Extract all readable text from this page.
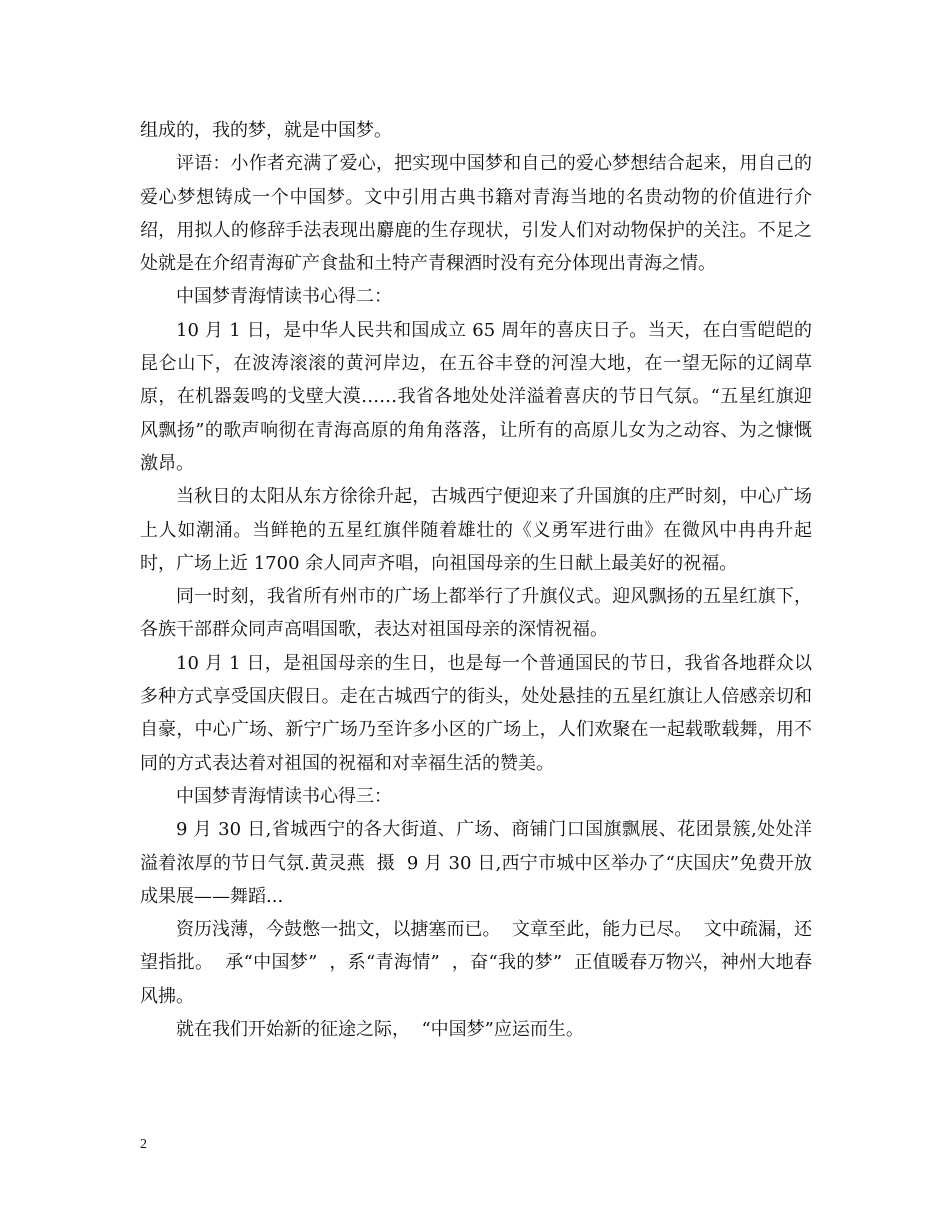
组成的，我的梦，就是中国梦。

评语：小作者充满了爱心，把实现中国梦和自己的爱心梦想结合起来，用自己的爱心梦想铸成一个中国梦。文中引用古典书籍对青海当地的名贵动物的价值进行介绍，用拟人的修辞手法表现出麝鹿的生存现状，引发人们对动物保护的关注。不足之处就是在介绍青海矿产食盐和土特产青稞酒时没有充分体现出青海之情。

中国梦青海情读书心得二：

10 月 1 日，是中华人民共和国成立 65 周年的喜庆日子。当天，在白雪皑皑的昆仑山下，在波涛滚滚的黄河岸边，在五谷丰登的河湟大地，在一望无际的辽阔草原，在机器轰鸣的戈壁大漠……我省各地处处洋溢着喜庆的节日气氛。“五星红旗迎风飘扬”的歌声响彻在青海高原的角角落落，让所有的高原儿女为之动容、为之慷慨激昂。

当秋日的太阳从东方徐徐升起，古城西宁便迎来了升国旗的庄严时刻，中心广场上人如潮涌。当鲜艳的五星红旗伴随着雄壮的《义勇军进行曲》在微风中冉冉升起时，广场上近 1700 余人同声齐唱，向祖国母亲的生日献上最美好的祝福。

同一时刻，我省所有州市的广场上都举行了升旗仪式。迎风飘扬的五星红旗下，各族干部群众同声高唱国歌，表达对祖国母亲的深情祝福。

10 月 1 日，是祖国母亲的生日，也是每一个普通国民的节日，我省各地群众以多种方式享受国庆假日。走在古城西宁的街头，处处悬挂的五星红旗让人倍感亲切和自豪，中心广场、新宁广场乃至许多小区的广场上，人们欢聚在一起载歌载舞，用不同的方式表达着对祖国的祝福和对幸福生活的赞美。

中国梦青海情读书心得三：

9 月 30 日,省城西宁的各大街道、广场、商铺门口国旗飘展、花团景簇,处处洋溢着浓厚的节日气氛.黄灵燕  摄  9 月 30 日,西宁市城中区举办了“庆国庆”免费开放成果展——舞蹈...

资历浅薄，今鼓憋一拙文，以搪塞而已。  文章至此，能力已尽。  文中疏漏，还望指批。  承“中国梦”  ，系“青海情”  ，奋“我的梦”  正值暖春万物兴，神州大地春风拂。

就在我们开始新的征途之际，  “中国梦”应运而生。

2
